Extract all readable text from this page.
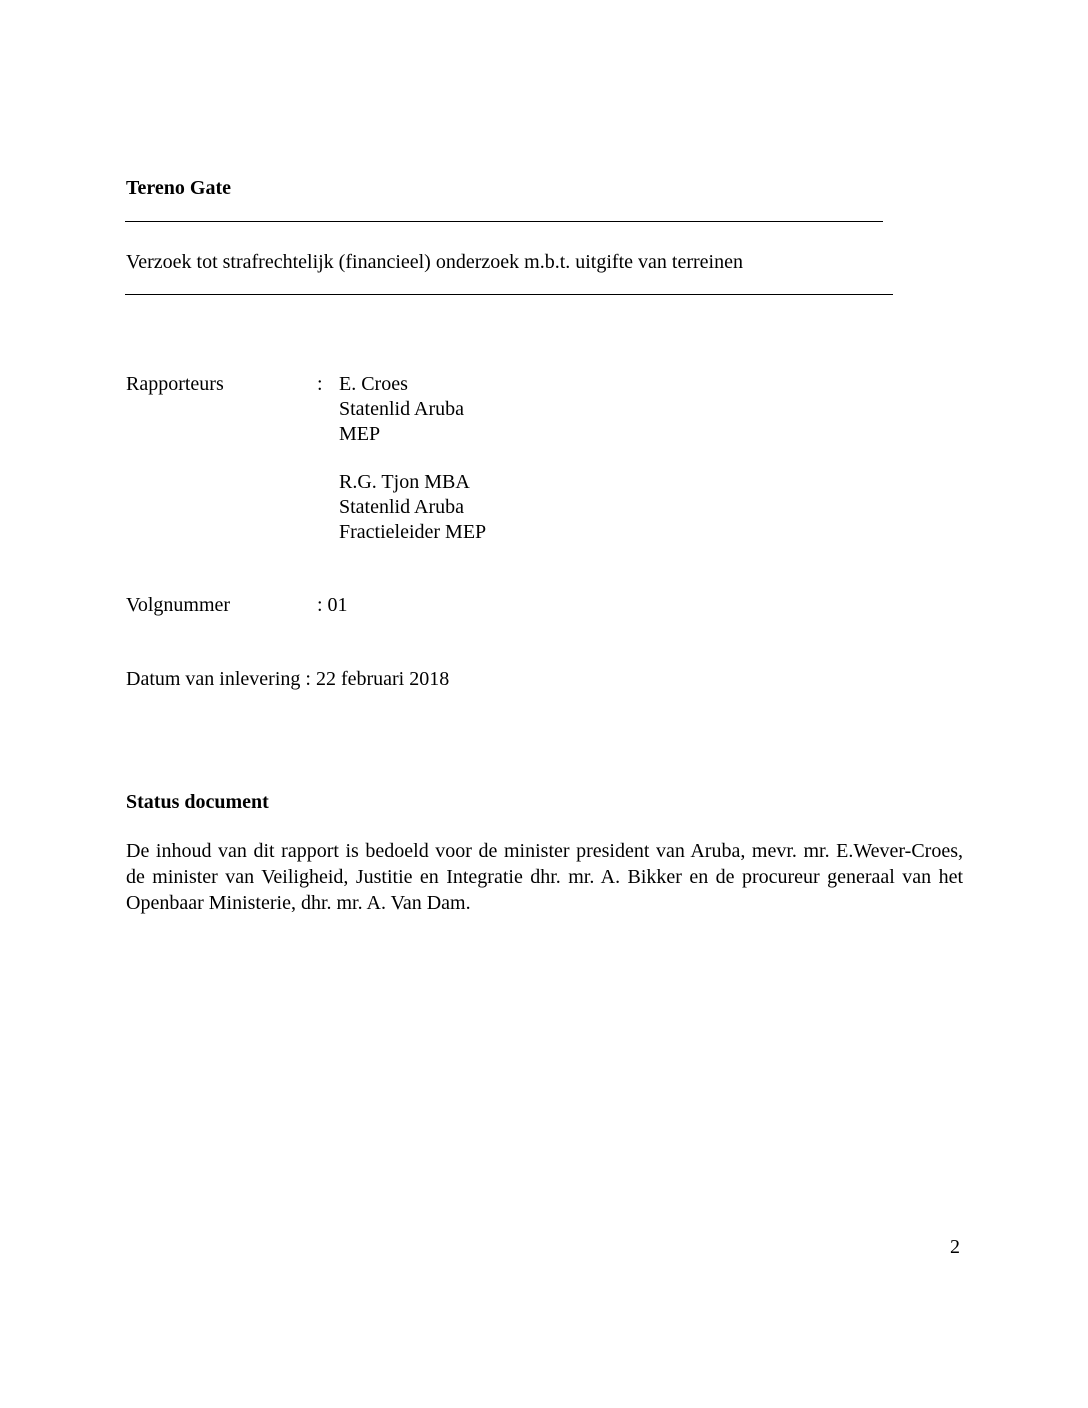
Tereno Gate
Verzoek tot strafrechtelijk (financieel) onderzoek m.b.t. uitgifte van terreinen
Rapporteurs	: E. Croes
Statenlid Aruba
MEP
R.G. Tjon MBA
Statenlid Aruba
Fractieleider MEP
Volgnummer	: 01
Datum van inlevering : 22 februari 2018
Status document
De inhoud van dit rapport is bedoeld voor de minister president van Aruba, mevr. mr. E.Wever-Croes, de minister van Veiligheid, Justitie en Integratie dhr. mr. A. Bikker en de procureur generaal van het Openbaar Ministerie, dhr. mr. A. Van Dam.
2
